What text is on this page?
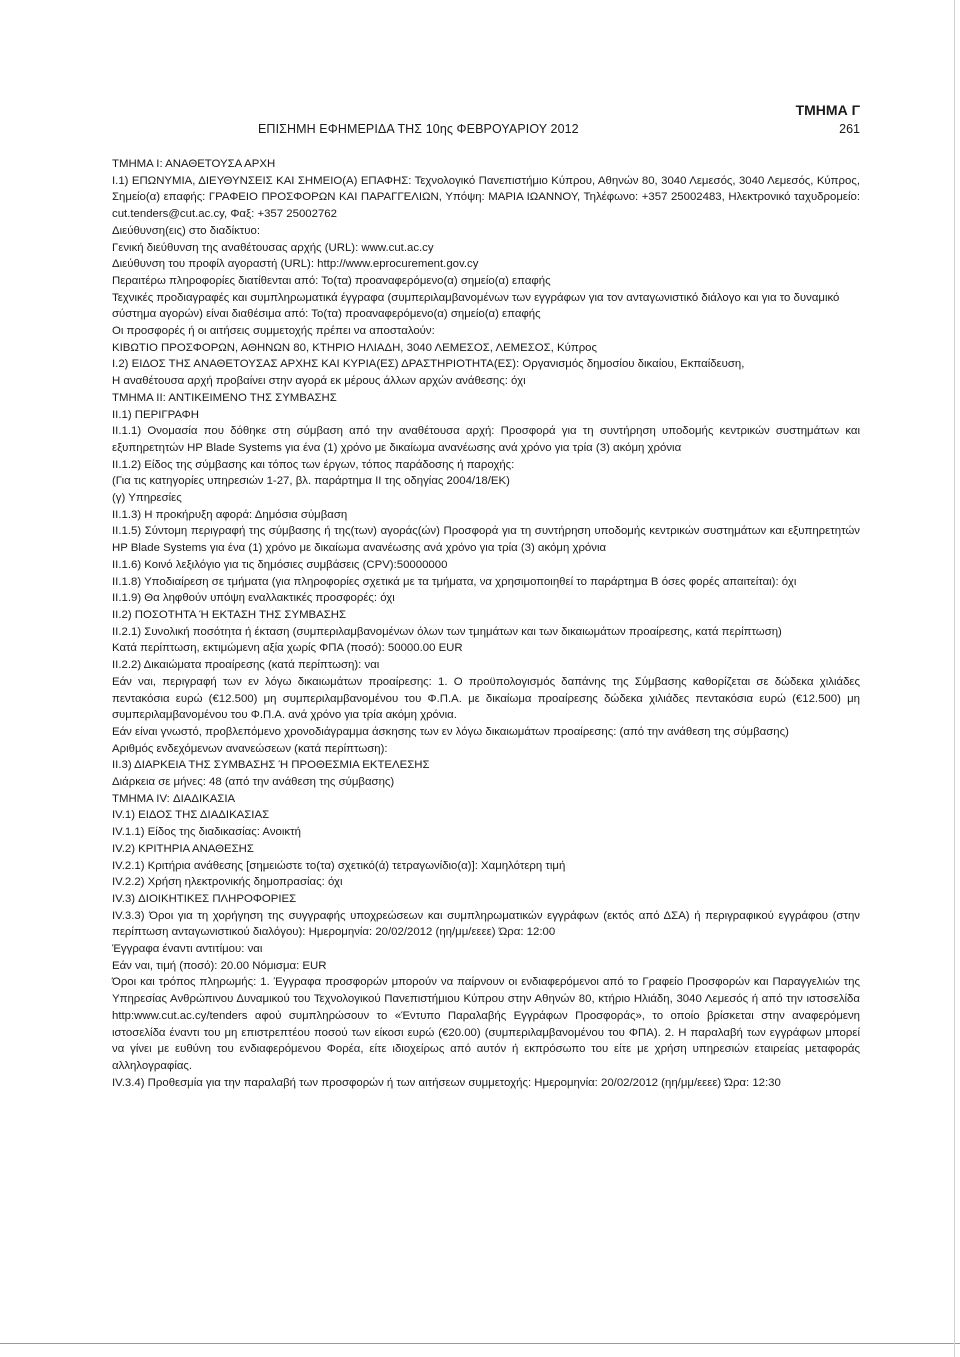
ΤΜΗΜΑ Γ
ΕΠΙΣΗΜΗ ΕΦΗΜΕΡΙΔΑ ΤΗΣ 10ης ΦΕΒΡΟΥΑΡΙΟΥ 2012	261

ΤΜΗΜΑ Ι: ΑΝΑΘΕΤΟΥΣΑ ΑΡΧΗ

Ι.1) ΕΠΩΝΥΜΙΑ, ΔΙΕΥΘΥΝΣΕΙΣ ΚΑΙ ΣΗΜΕΙΟ(Α) ΕΠΑΦΗΣ: Τεχνολογικό Πανεπιστήμιο Κύπρου, Αθηνών 80, 3040 Λεμεσός, 3040 Λεμεσός, Κύπρος, Σημείο(α) επαφής: ΓΡΑΦΕΙΟ ΠΡΟΣΦΟΡΩΝ ΚΑΙ ΠΑΡΑΓΓΕΛΙΩΝ, Υπόψη: ΜΑΡΙΑ ΙΩΑΝΝΟΥ, Τηλέφωνο: +357 25002483, Ηλεκτρονικό ταχυδρομείο: cut.tenders@cut.ac.cy, Φαξ: +357 25002762

Διεύθυνση(εις) στο διαδίκτυο:

Γενική διεύθυνση της αναθέτουσας αρχής (URL): www.cut.ac.cy

Διεύθυνση του προφίλ αγοραστή (URL): http://www.eprocurement.gov.cy

Περαιτέρω πληροφορίες διατίθενται από: Το(τα) προαναφερόμενο(α) σημείο(α) επαφής

Τεχνικές προδιαγραφές και συμπληρωματικά έγγραφα (συμπεριλαμβανομένων των εγγράφων για τον ανταγωνιστικό διάλογο και για το δυναμικό σύστημα αγορών) είναι διαθέσιμα από: Το(τα) προαναφερόμενο(α) σημείο(α) επαφής

Οι προσφορές ή οι αιτήσεις συμμετοχής πρέπει να αποσταλούν:

ΚΙΒΩΤΙΟ ΠΡΟΣΦΟΡΩΝ, ΑΘΗΝΩΝ 80, ΚΤΗΡΙΟ ΗΛΙΑΔΗ, 3040 ΛΕΜΕΣΟΣ, ΛΕΜΕΣΟΣ, Κύπρος

Ι.2) ΕΙΔΟΣ ΤΗΣ ΑΝΑΘΕΤΟΥΣΑΣ ΑΡΧΗΣ ΚΑΙ ΚΥΡΙΑ(ΕΣ) ΔΡΑΣΤΗΡΙΟΤΗΤΑ(ΕΣ): Οργανισμός δημοσίου δικαίου, Εκπαίδευση,

Η αναθέτουσα αρχή προβαίνει στην αγορά εκ μέρους άλλων αρχών ανάθεσης: όχι

ΤΜΗΜΑ ΙΙ: ΑΝΤΙΚΕΙΜΕΝΟ ΤΗΣ ΣΥΜΒΑΣΗΣ

ΙΙ.1) ΠΕΡΙΓΡΑΦΗ

ΙΙ.1.1) Ονομασία που δόθηκε στη σύμβαση από την αναθέτουσα αρχή: Προσφορά για τη συντήρηση υποδομής κεντρικών συστημάτων και εξυπηρετητών HP Blade Systems για ένα (1) χρόνο με δικαίωμα ανανέωσης ανά χρόνο για τρία (3) ακόμη χρόνια

ΙΙ.1.2) Είδος της σύμβασης και τόπος των έργων, τόπος παράδοσης ή παροχής:

(Για τις κατηγορίες υπηρεσιών 1-27, βλ. παράρτημα ΙΙ της οδηγίας 2004/18/ΕΚ)

(γ) Υπηρεσίες

ΙΙ.1.3) Η προκήρυξη αφορά: Δημόσια σύμβαση

ΙΙ.1.5) Σύντομη περιγραφή της σύμβασης ή της(των) αγοράς(ών) Προσφορά για τη συντήρηση υποδομής κεντρικών συστημάτων και εξυπηρετητών HP Blade Systems για ένα (1) χρόνο με δικαίωμα ανανέωσης ανά χρόνο για τρία (3) ακόμη χρόνια

ΙΙ.1.6) Κοινό λεξιλόγιο για τις δημόσιες συμβάσεις (CPV):50000000

ΙΙ.1.8) Υποδιαίρεση σε τμήματα (για πληροφορίες σχετικά με τα τμήματα, να χρησιμοποιηθεί το παράρτημα Β όσες φορές απαιτείται): όχι

ΙΙ.1.9) Θα ληφθούν υπόψη εναλλακτικές προσφορές: όχι

ΙΙ.2) ΠΟΣΟΤΗΤΑ Ή ΕΚΤΑΣΗ ΤΗΣ ΣΥΜΒΑΣΗΣ

ΙΙ.2.1) Συνολική ποσότητα ή έκταση (συμπεριλαμβανομένων όλων των τμημάτων και των δικαιωμάτων προαίρεσης, κατά περίπτωση)

Κατά περίπτωση, εκτιμώμενη αξία χωρίς ΦΠΑ (ποσό): 50000.00 EUR

ΙΙ.2.2) Δικαιώματα προαίρεσης (κατά περίπτωση): ναι

Εάν ναι, περιγραφή των εν λόγω δικαιωμάτων προαίρεσης: 1. Ο προϋπολογισμός δαπάνης της Σύμβασης καθορίζεται σε δώδεκα χιλιάδες πεντακόσια ευρώ (€12.500) μη συμπεριλαμβανομένου του Φ.Π.Α. με δικαίωμα προαίρεσης δώδεκα χιλιάδες πεντακόσια ευρώ (€12.500) μη συμπεριλαμβανομένου του Φ.Π.Α. ανά χρόνο για τρία ακόμη χρόνια.

Εάν είναι γνωστό, προβλεπόμενο χρονοδιάγραμμα άσκησης των εν λόγω δικαιωμάτων προαίρεσης: (από την ανάθεση της σύμβασης)

Αριθμός ενδεχόμενων ανανεώσεων (κατά περίπτωση):

ΙΙ.3) ΔΙΑΡΚΕΙΑ ΤΗΣ ΣΥΜΒΑΣΗΣ Ή ΠΡΟΘΕΣΜΙΑ ΕΚΤΕΛΕΣΗΣ

Διάρκεια σε μήνες: 48 (από την ανάθεση της σύμβασης)

ΤΜΗΜΑ ΙV: ΔΙΑΔΙΚΑΣΙΑ

ΙV.1) ΕΙΔΟΣ ΤΗΣ ΔΙΑΔΙΚΑΣΙΑΣ

ΙV.1.1) Είδος της διαδικασίας: Ανοικτή

ΙV.2) ΚΡΙΤΗΡΙΑ ΑΝΑΘΕΣΗΣ

ΙV.2.1) Κριτήρια ανάθεσης [σημειώστε το(τα) σχετικό(ά) τετραγωνίδιο(α)]: Χαμηλότερη τιμή

ΙV.2.2) Χρήση ηλεκτρονικής δημοπρασίας: όχι

ΙV.3) ΔΙΟΙΚΗΤΙΚΕΣ ΠΛΗΡΟΦΟΡΙΕΣ

ΙV.3.3) Όροι για τη χορήγηση της συγγραφής υποχρεώσεων και συμπληρωματικών εγγράφων (εκτός από ΔΣΑ) ή περιγραφικού εγγράφου (στην περίπτωση ανταγωνιστικού διαλόγου): Ημερομηνία: 20/02/2012 (ηη/μμ/εεεε) Ώρα: 12:00

Έγγραφα έναντι αντιτίμου: ναι

Εάν ναι, τιμή (ποσό): 20.00 Νόμισμα: EUR

Όροι και τρόπος πληρωμής: 1. Έγγραφα προσφορών μπορούν να παίρνουν οι ενδιαφερόμενοι από το Γραφείο Προσφορών και Παραγγελιών της Υπηρεσίας Ανθρώπινου Δυναμικού του Τεχνολογικού Πανεπιστήμιου Κύπρου στην Αθηνών 80, κτήριο Ηλιάδη, 3040 Λεμεσός ή από την ιστοσελίδα http:www.cut.ac.cy/tenders αφού συμπληρώσουν το «Έντυπο Παραλαβής Εγγράφων Προσφοράς», το οποίο βρίσκεται στην αναφερόμενη ιστοσελίδα έναντι του μη επιστρεπτέου ποσού των είκοσι ευρώ (€20.00) (συμπεριλαμβανομένου του ΦΠΑ). 2. Η παραλαβή των εγγράφων μπορεί να γίνει με ευθύνη του ενδιαφερόμενου Φορέα, είτε ιδιοχείρως από αυτόν ή εκπρόσωπο του είτε με χρήση υπηρεσιών εταιρείας μεταφοράς αλληλογραφίας.

ΙV.3.4) Προθεσμία για την παραλαβή των προσφορών ή των αιτήσεων συμμετοχής: Ημερομηνία: 20/02/2012 (ηη/μμ/εεεε) Ώρα: 12:30
